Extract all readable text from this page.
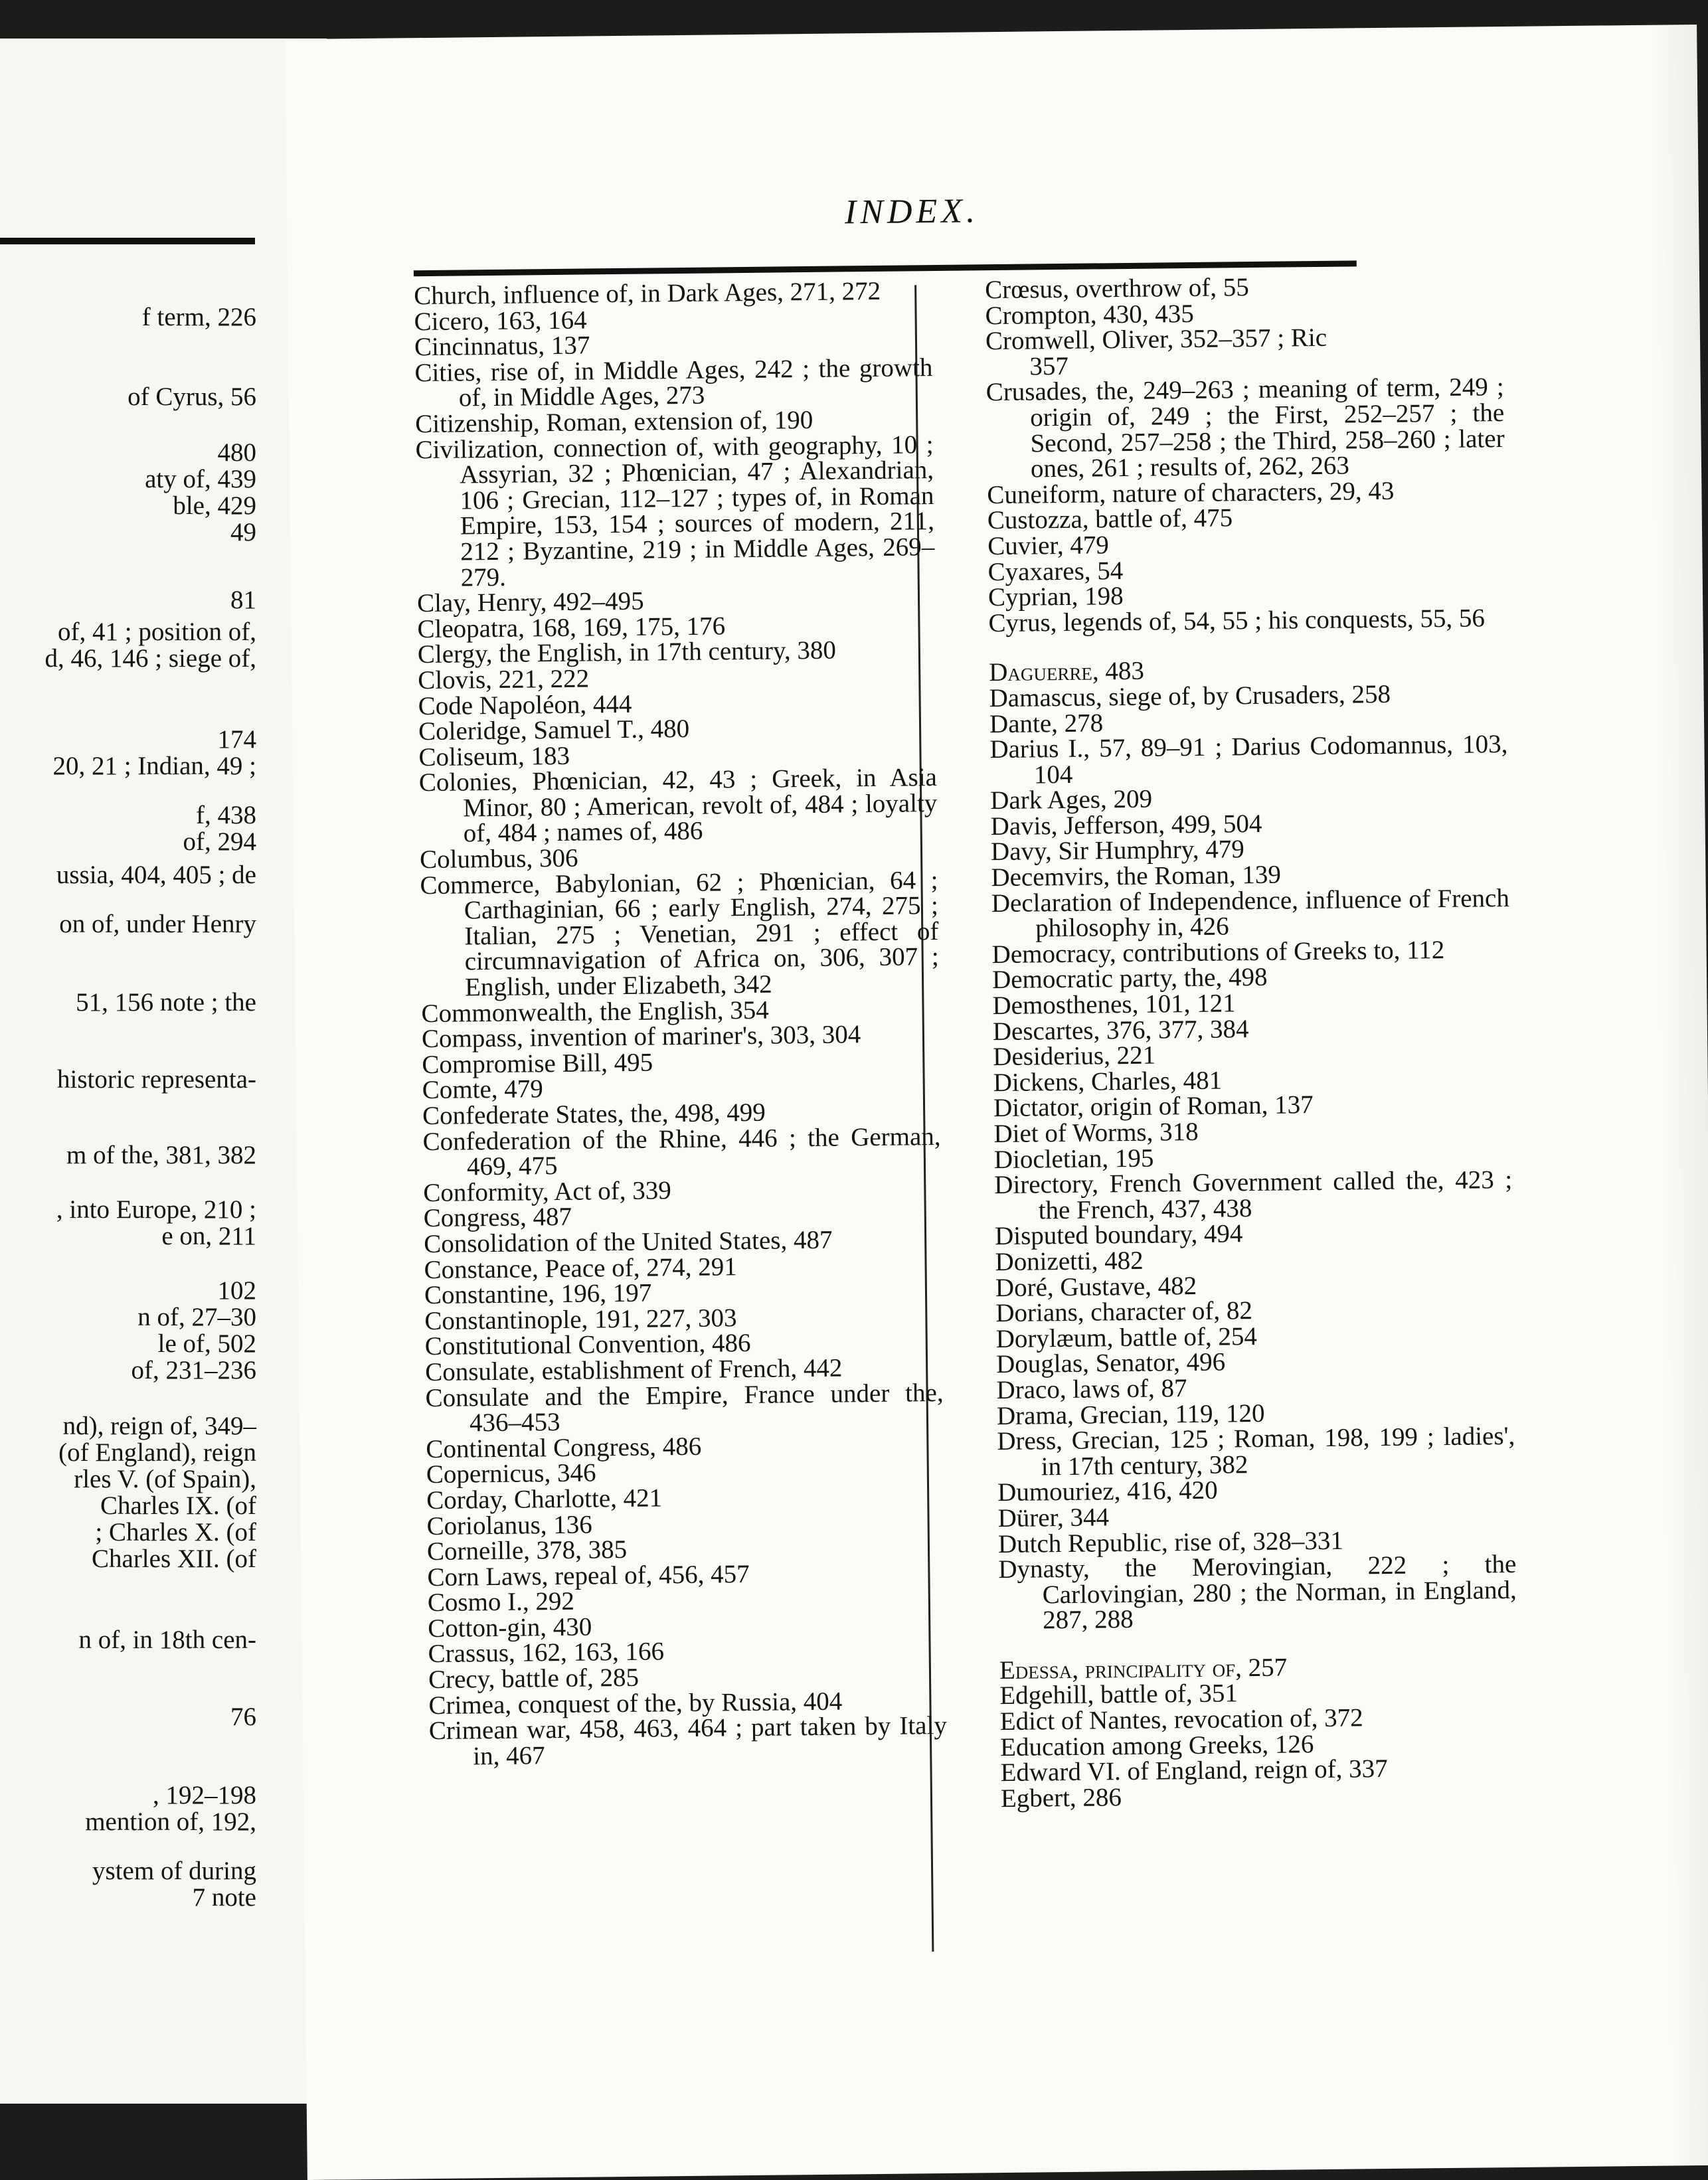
f term, 226
of Cyrus, 56
480
aty of, 439
ble, 429
49
81
of, 41 ; position of,
d, 46, 146 ; siege of,
174
20, 21 ; Indian, 49 ;
f, 438
of, 294
ussia, 404, 405 ; de
on of, under Henry
51, 156 note ; the
historic representa-
m of the, 381, 382
, into Europe, 210 ;
e on, 211
102
n of, 27–30
le of, 502
of, 231–236
nd), reign of, 349–
(of England), reign
rles V. (of Spain),
Charles IX. (of
; Charles X. (of
Charles XII. (of
n of, in 18th cen-
76
, 192–198
mention of, 192,
ystem of during
7 note
INDEX.

Church, influence of, in Dark Ages, 271, 272

Cicero, 163, 164

Cincinnatus, 137

Cities, rise of, in Middle Ages, 242 ; the growth of, in Middle Ages, 273

Citizenship, Roman, extension of, 190

Civilization, connection of, with geography, 10 ; Assyrian, 32 ; Phœnician, 47 ; Alexandrian, 106 ; Grecian, 112–127 ; types of, in Roman Empire, 153, 154 ; sources of modern, 211, 212 ; Byzantine, 219 ; in Middle Ages, 269–279.

Clay, Henry, 492–495

Cleopatra, 168, 169, 175, 176

Clergy, the English, in 17th century, 380

Clovis, 221, 222

Code Napoléon, 444

Coleridge, Samuel T., 480

Coliseum, 183

Colonies, Phœnician, 42, 43 ; Greek, in Asia Minor, 80 ; American, revolt of, 484 ; loyalty of, 484 ; names of, 486

Columbus, 306

Commerce, Babylonian, 62 ; Phœnician, 64 ; Carthaginian, 66 ; early English, 274, 275 ; Italian, 275 ; Venetian, 291 ; effect of circumnavigation of Africa on, 306, 307 ; English, under Elizabeth, 342

Commonwealth, the English, 354

Compass, invention of mariner's, 303, 304

Compromise Bill, 495

Comte, 479

Confederate States, the, 498, 499

Confederation of the Rhine, 446 ; the German, 469, 475

Conformity, Act of, 339

Congress, 487

Consolidation of the United States, 487

Constance, Peace of, 274, 291

Constantine, 196, 197

Constantinople, 191, 227, 303

Constitutional Convention, 486

Consulate, establishment of French, 442

Consulate and the Empire, France under the, 436–453

Continental Congress, 486

Copernicus, 346

Corday, Charlotte, 421

Coriolanus, 136

Corneille, 378, 385

Corn Laws, repeal of, 456, 457

Cosmo I., 292

Cotton-gin, 430

Crassus, 162, 163, 166

Crecy, battle of, 285

Crimea, conquest of the, by Russia, 404

Crimean war, 458, 463, 464 ; part taken by Italy in, 467

Crœsus, overthrow of, 55

Crompton, 430, 435

Cromwell, Oliver, 352–357 ; Ric

357

Crusades, the, 249–263 ; meaning of term, 249 ; origin of, 249 ; the First, 252–257 ; the Second, 257–258 ; the Third, 258–260 ; later ones, 261 ; results of, 262, 263

Cuneiform, nature of characters, 29, 43

Custozza, battle of, 475

Cuvier, 479

Cyaxares, 54

Cyprian, 198

Cyrus, legends of, 54, 55 ; his conquests, 55, 56

Daguerre, 483

Damascus, siege of, by Crusaders, 258

Dante, 278

Darius I., 57, 89–91 ; Darius Codomannus, 103, 104

Dark Ages, 209

Davis, Jefferson, 499, 504

Davy, Sir Humphry, 479

Decemvirs, the Roman, 139

Declaration of Independence, influence of French philosophy in, 426

Democracy, contributions of Greeks to, 112

Democratic party, the, 498

Demosthenes, 101, 121

Descartes, 376, 377, 384

Desiderius, 221

Dickens, Charles, 481

Dictator, origin of Roman, 137

Diet of Worms, 318

Diocletian, 195

Directory, French Government called the, 423 ; the French, 437, 438

Disputed boundary, 494

Donizetti, 482

Doré, Gustave, 482

Dorians, character of, 82

Dorylæum, battle of, 254

Douglas, Senator, 496

Draco, laws of, 87

Drama, Grecian, 119, 120

Dress, Grecian, 125 ; Roman, 198, 199 ; ladies', in 17th century, 382

Dumouriez, 416, 420

Dürer, 344

Dutch Republic, rise of, 328–331

Dynasty, the Merovingian, 222 ; the Carlovingian, 280 ; the Norman, in England, 287, 288

Edessa, principality of, 257

Edgehill, battle of, 351

Edict of Nantes, revocation of, 372

Education among Greeks, 126

Edward VI. of England, reign of, 337

Egbert, 286
